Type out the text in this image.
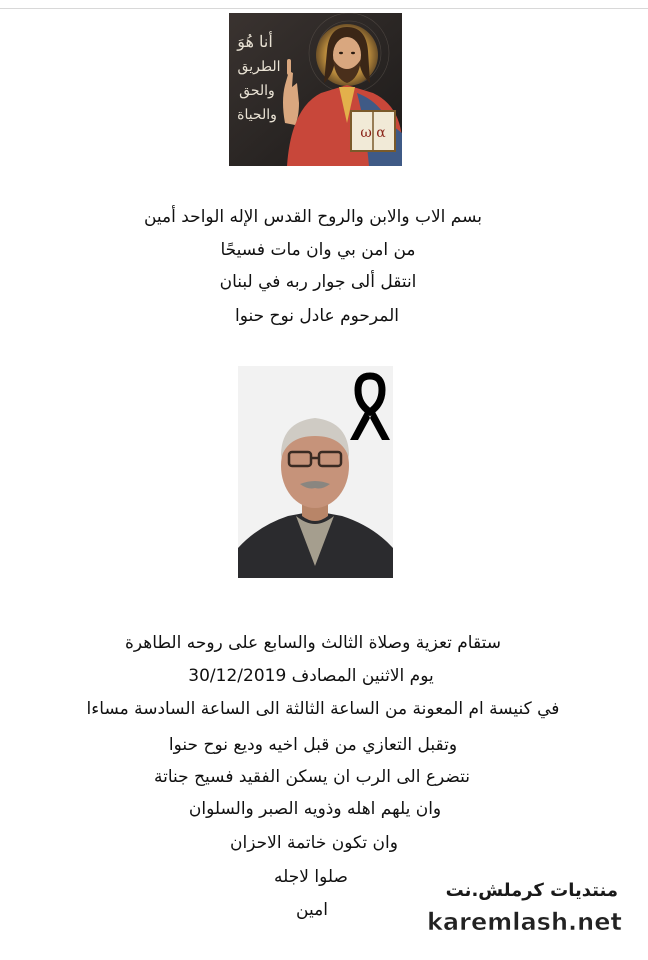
ω α
أنا هُوَ
الطريق
والحق
والحياة
بسم الاب والابن والروح القدس الإله الواحد أمين
من امن بي وان مات فسيحًا
انتقل ألى جوار ربه في لبنان
المرحوم عادل نوح حنوا
ستقام تعزية وصلاة الثالث والسابع على روحه الطاهرة
يوم الاثنين المصادف 30/12/2019
في كنيسة ام المعونة من الساعة الثالثة الى الساعة السادسة مساءا
وتقبل التعازي من قبل اخيه وديع نوح حنوا
نتضرع الى الرب ان يسكن الفقيد فسيح جناتة
وان يلهم اهله وذويه الصبر والسلوان
وان تكون خاتمة الاحزان
صلوا لاجله
امين
منتديات كرملش.نت
karemlash.net
